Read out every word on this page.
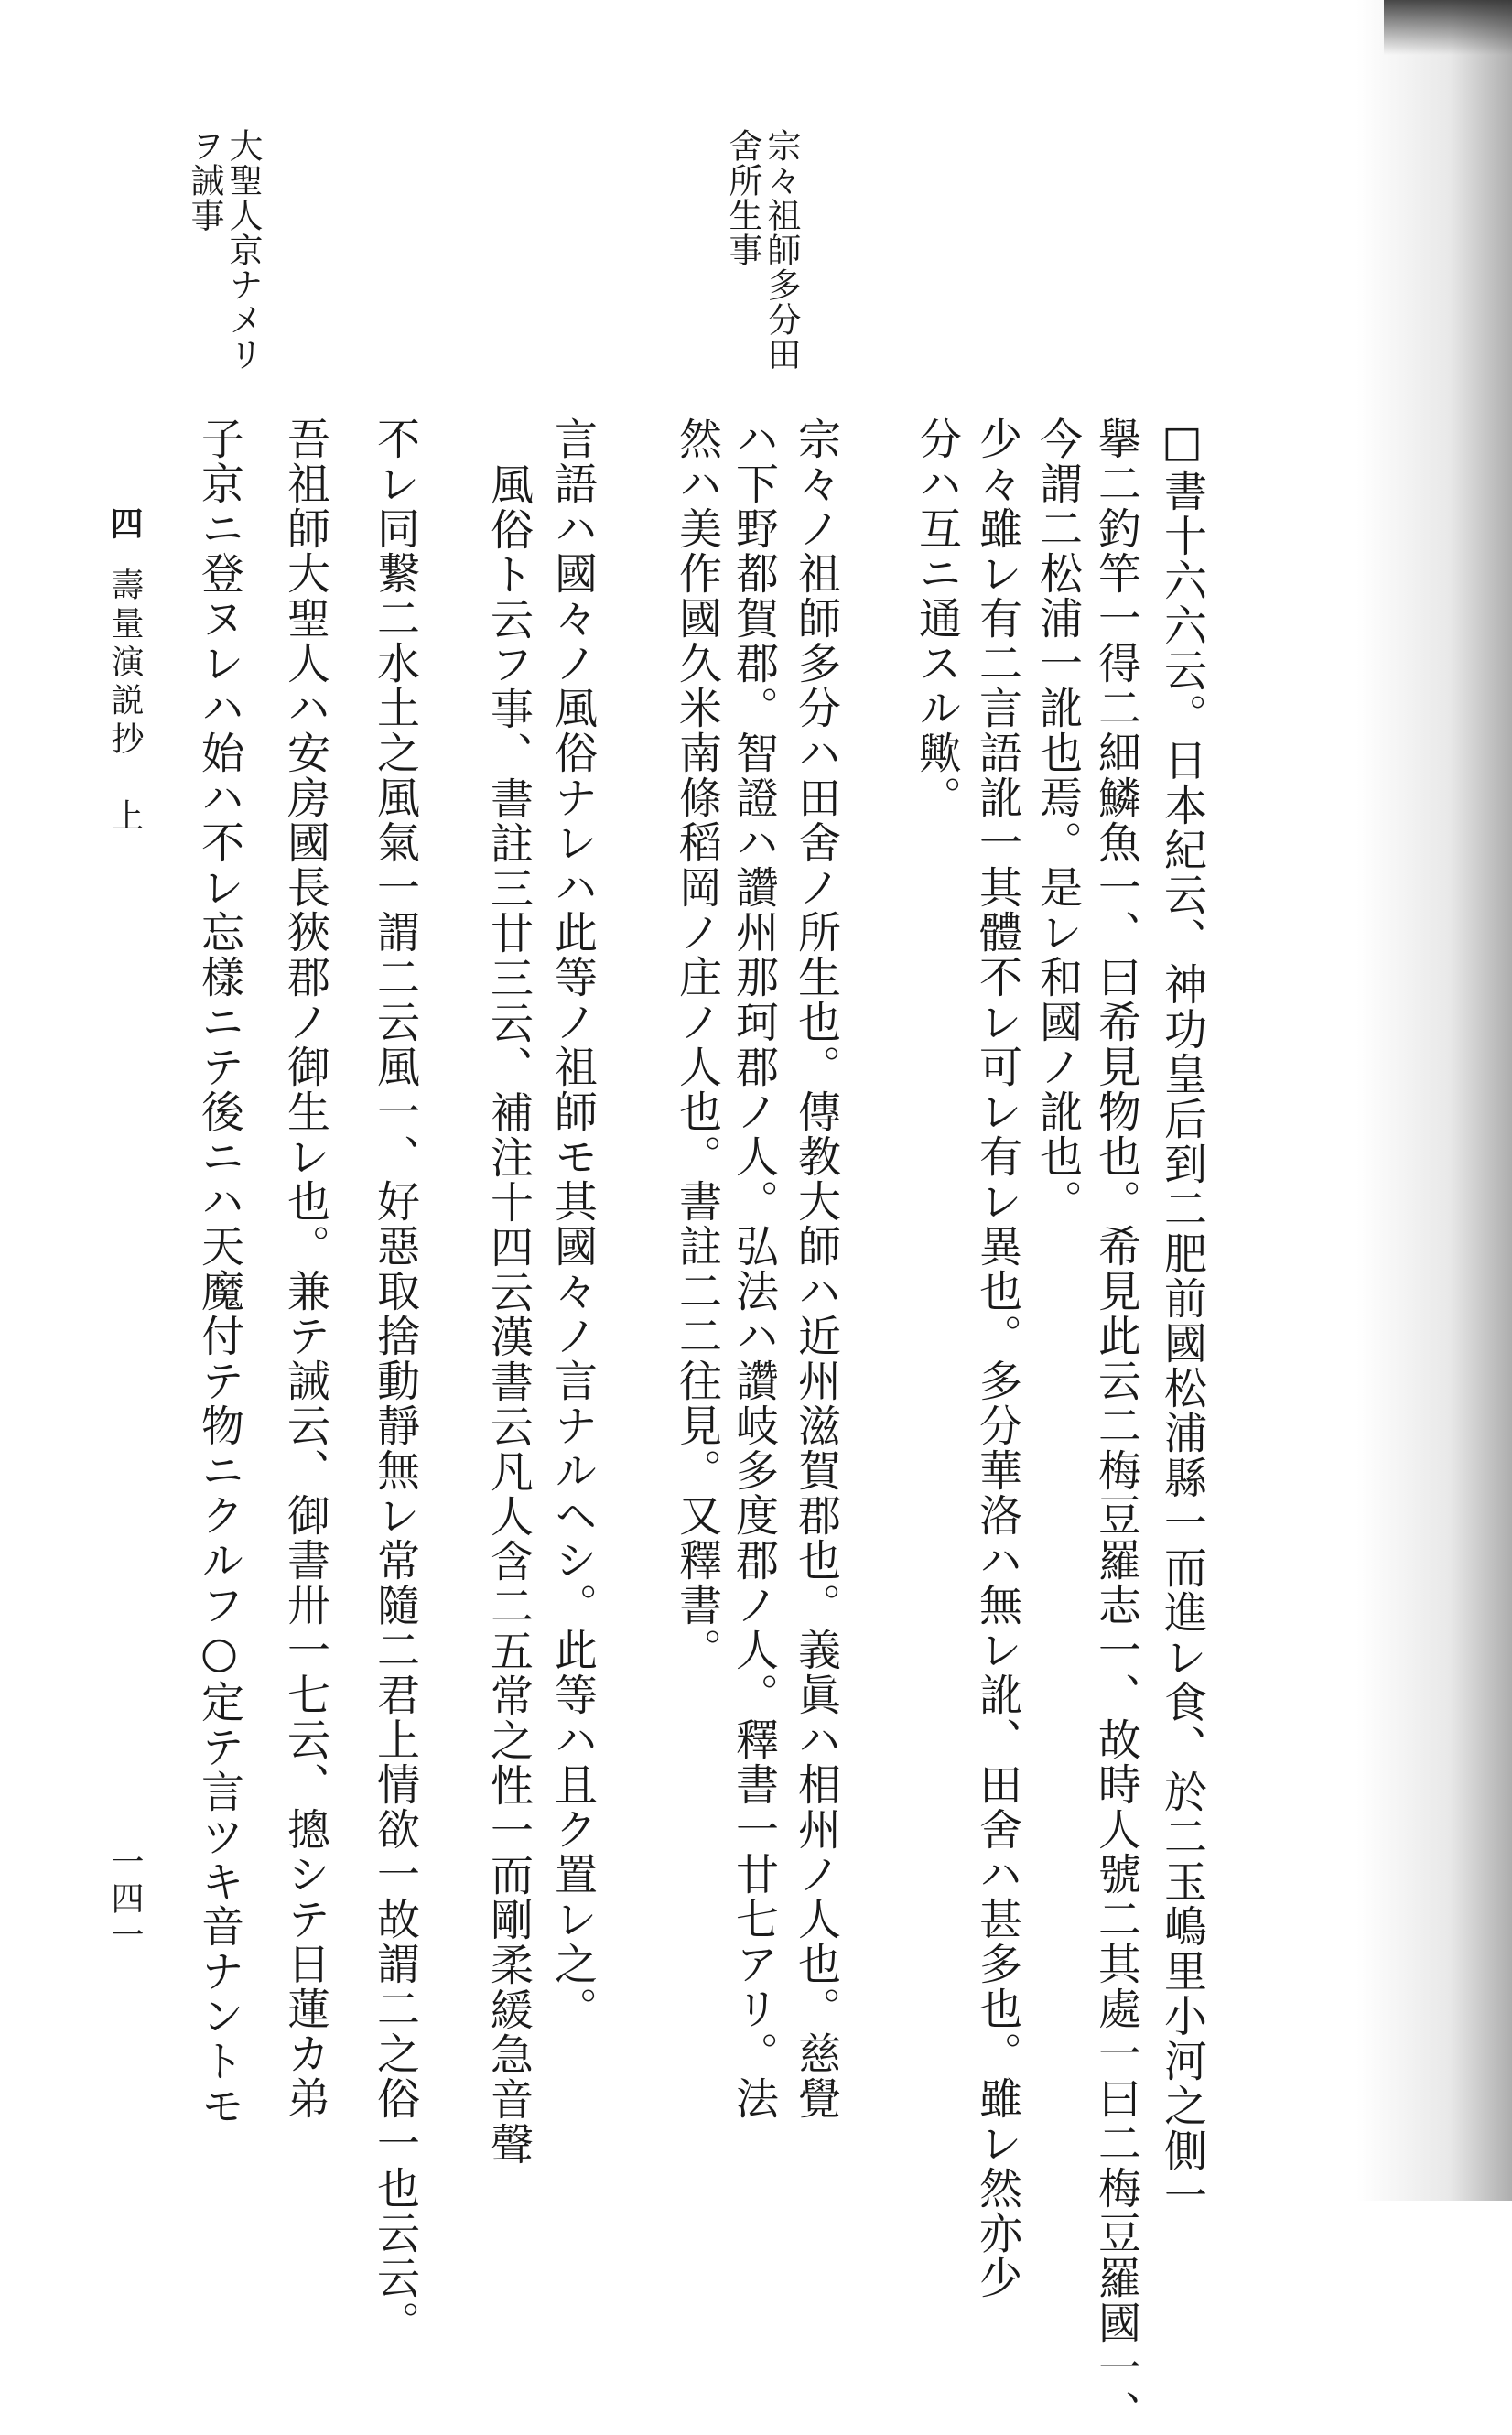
宗々祖師多分田
舍所生事
大聖人京ナメリ
ヲ誡事
□書十六六云。日本紀云、神功皇后到二肥前國松浦縣一而進レ食、於二玉嶋里小河之側一
擧二釣竿一得二細鱗魚一、曰希見物也。希見此云二梅豆羅志一、故時人號二其處一曰二梅豆羅國一、
今謂二松浦一訛也焉。是レ和國ノ訛也。
少々雖レ有二言語訛一其體不レ可レ有レ異也。多分華洛ハ無レ訛、田舍ハ甚多也。雖レ然亦少
分ハ互ニ通スル歟。
宗々ノ祖師多分ハ田舍ノ所生也。傳教大師ハ近州滋賀郡也。義眞ハ相州ノ人也。慈覺
ハ下野都賀郡。智證ハ讚州那珂郡ノ人。弘法ハ讚岐多度郡ノ人。釋書一廿七アリ。法
然ハ美作國久米南條稻岡ノ庄ノ人也。書註二二往見。又釋書。
言語ハ國々ノ風俗ナレハ此等ノ祖師モ其國々ノ言ナルヘシ。此等ハ且ク置レ之。
風俗ト云フ事、書註三廿三云、補注十四云漢書云凡人含二五常之性一而剛柔緩急音聲
不レ同繋二水土之風氣一謂二云風一、好惡取捨動靜無レ常隨二君上情欲一故謂二之俗一也云云。
吾祖師大聖人ハ安房國長狹郡ノ御生レ也。兼テ誡云、御書卅一七云、摠シテ日蓮カ弟
子京ニ登ヌレハ始ハ不レ忘樣ニテ後ニハ天魔付テ物ニクルフ○定テ言ツキ音ナントモ
四
壽量演説抄　上
一四一
